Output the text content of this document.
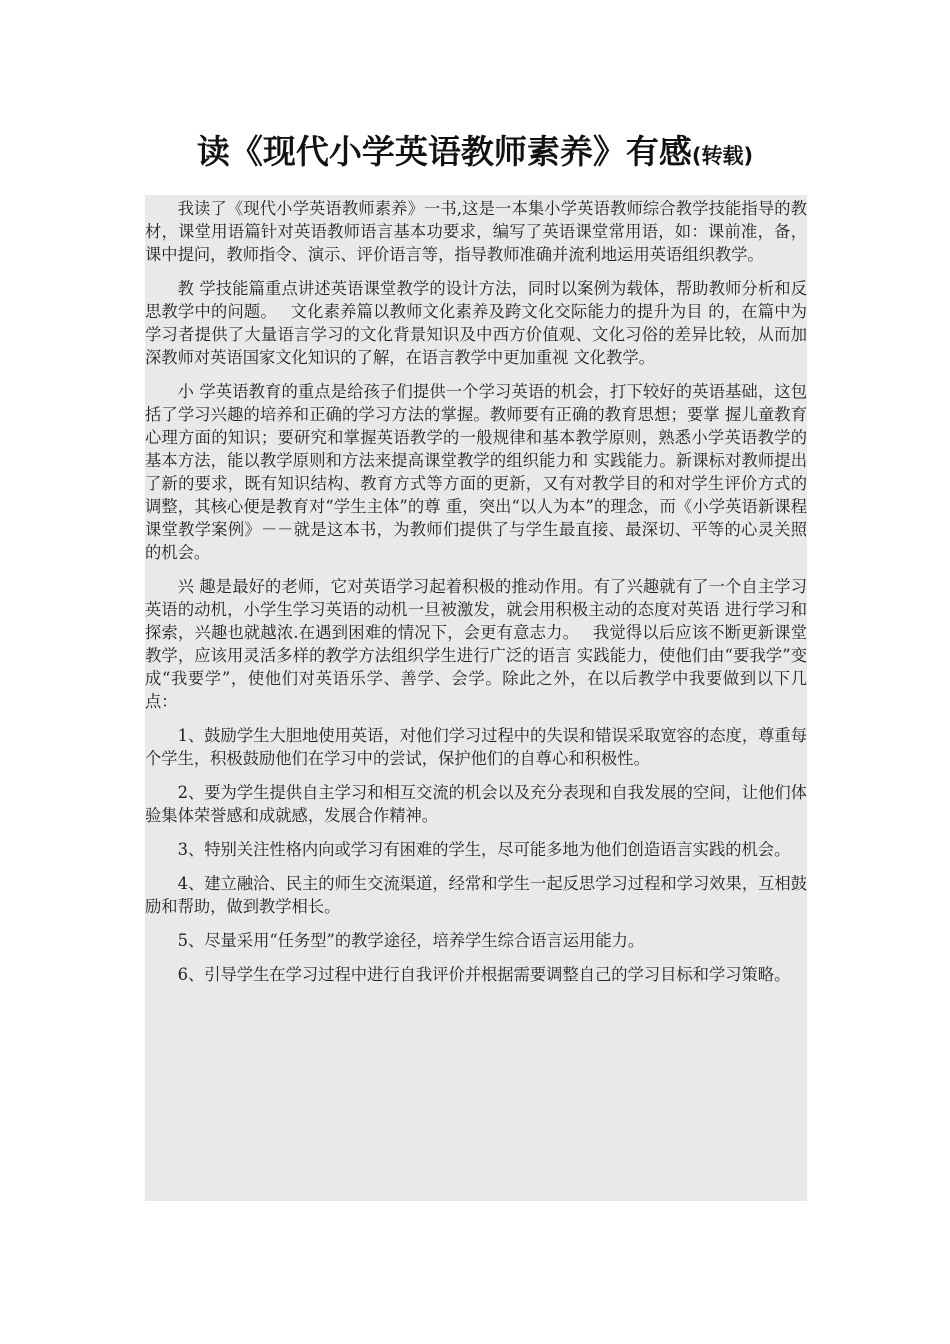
读《现代小学英语教师素养》有感(转载)

我读了《现代小学英语教师素养》一书,这是一本集小学英语教师综合教学技能指导的教材，课堂用语篇针对英语教师语言基本功要求，编写了英语课堂常用语，如：课前准，备，课中提问，教师指令、演示、评价语言等，指导教师准确并流利地运用英语组织教学。

教 学技能篇重点讲述英语课堂教学的设计方法，同时以案例为载体，帮助教师分析和反思教学中的问题。　 文化素养篇以教师文化素养及跨文化交际能力的提升为目 的，在篇中为学习者提供了大量语言学习的文化背景知识及中西方价值观、文化习俗的差异比较，从而加深教师对英语国家文化知识的了解，在语言教学中更加重视 文化教学。

小 学英语教育的重点是给孩子们提供一个学习英语的机会，打下较好的英语基础，这包括了学习兴趣的培养和正确的学习方法的掌握。教师要有正确的教育思想；要掌 握儿童教育心理方面的知识；要研究和掌握英语教学的一般规律和基本教学原则，熟悉小学英语教学的基本方法，能以教学原则和方法来提高课堂教学的组织能力和 实践能力。新课标对教师提出了新的要求，既有知识结构、教育方式等方面的更新，又有对教学目的和对学生评价方式的调整，其核心便是教育对“学生主体”的尊 重，突出“以人为本”的理念，而《小学英语新课程课堂教学案例》－－就是这本书，为教师们提供了与学生最直接、最深切、平等的心灵关照的机会。

兴 趣是最好的老师，它对英语学习起着积极的推动作用。有了兴趣就有了一个自主学习英语的动机，小学生学习英语的动机一旦被激发，就会用积极主动的态度对英语 进行学习和探索，兴趣也就越浓.在遇到困难的情况下，会更有意志力。　 我觉得以后应该不断更新课堂教学，应该用灵活多样的教学方法组织学生进行广泛的语言 实践能力，使他们由“要我学”变成“我要学”，使他们对英语乐学、善学、会学。除此之外，在以后教学中我要做到以下几点：

1、鼓励学生大胆地使用英语，对他们学习过程中的失误和错误采取宽容的态度，尊重每个学生，积极鼓励他们在学习中的尝试，保护他们的自尊心和积极性。

2、要为学生提供自主学习和相互交流的机会以及充分表现和自我发展的空间，让他们体验集体荣誉感和成就感，发展合作精神。

3、特别关注性格内向或学习有困难的学生，尽可能多地为他们创造语言实践的机会。

4、建立融洽、民主的师生交流渠道，经常和学生一起反思学习过程和学习效果，互相鼓励和帮助，做到教学相长。

5、尽量采用“任务型”的教学途径，培养学生综合语言运用能力。

6、引导学生在学习过程中进行自我评价并根据需要调整自己的学习目标和学习策略。
